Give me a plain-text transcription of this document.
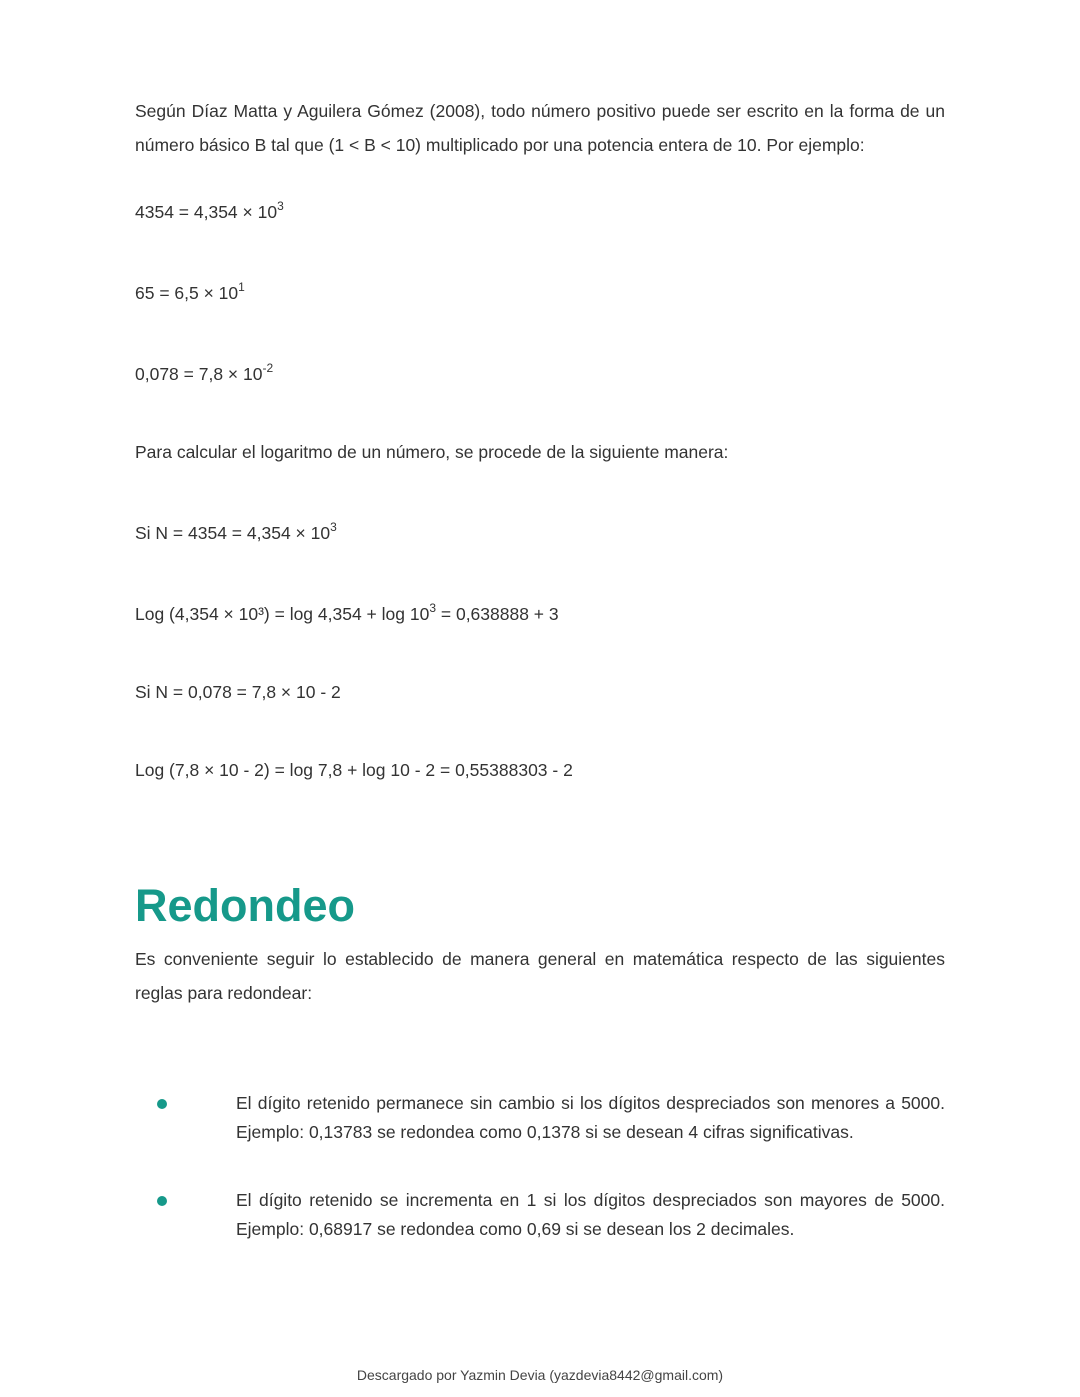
Según Díaz Matta y Aguilera Gómez (2008), todo número positivo puede ser escrito en la forma de un número básico B tal que (1 < B < 10) multiplicado por una potencia entera de 10. Por ejemplo:

$4354 = 4,354 \times 10^3$

$65 = 6,5 \times 10^1$

$0,078 = 7,8 \times 10^{-2}$

Para calcular el logaritmo de un número, se procede de la siguiente manera:

Si $N = 4354 = 4,354 \times 10^3$

Log $(4,354 \times 10^3) = \log 4,354 + \log 10^3 = 0,638888 + 3$

Si N = 0,078 = 7,8 × 10 - 2

Log (7,8 × 10 - 2) = log 7,8 + log 10 - 2 = 0,55388303 - 2

Redondeo

Es conveniente seguir lo establecido de manera general en matemática respecto de las siguientes reglas para redondear:

El dígito retenido permanece sin cambio si los dígitos despreciados son menores a 5000. Ejemplo: 0,13783 se redondea como 0,1378 si se desean 4 cifras significativas.

El dígito retenido se incrementa en 1 si los dígitos despreciados son mayores de 5000. Ejemplo: 0,68917 se redondea como 0,69 si se desean los 2 decimales.

Descargado por Yazmin Devia (yazdevia8442@gmail.com)
